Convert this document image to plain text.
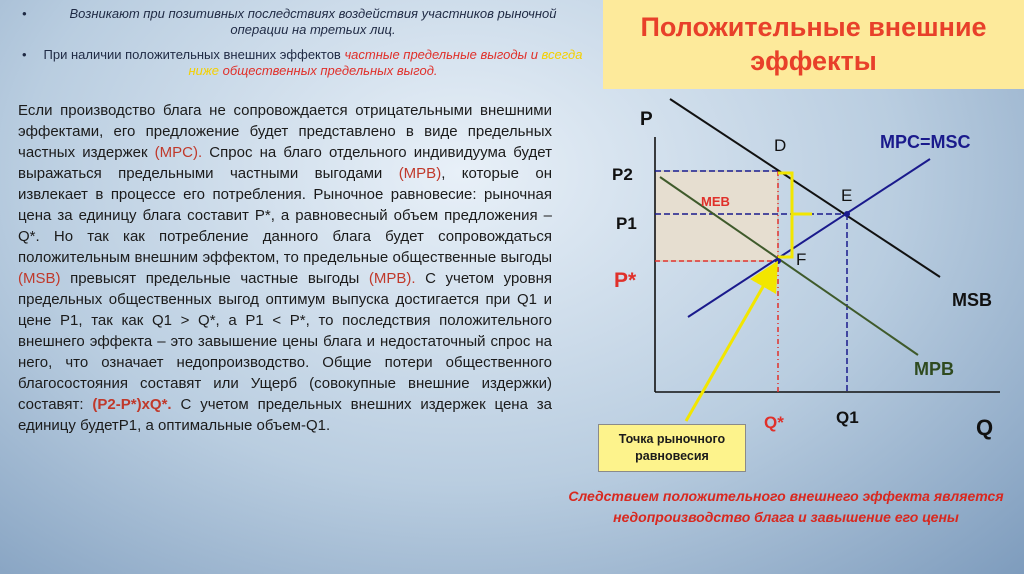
•	Возникают при позитивных последствиях воздействия участников рыночной операции на третьих лиц.
• При наличии положительных внешних эффектов частные предельные выгоды и всегда ниже общественных предельных выгод.
Если производство блага не сопровождается отрицательными внешними эффектами, его предложение будет представлено в виде предельных частных издержек (MPC). Спрос на благо отдельного индивидуума будет выражаться предельными частными выгодами (MPB), которые он извлекает в процессе его потребления. Рыночное равновесие: рыночная цена за единицу блага составит P*, а равновесный объем предложения – Q*. Но так как потребление данного блага будет сопровождаться положительным внешним эффектом, то предельные общественные выгоды (MSB) превысят предельные частные выгоды (MPB). С учетом уровня предельных общественных выгод оптимум выпуска достигается при Q1 и цене P1, так как Q1 > Q*, а P1 < P*, то последствия положительного внешнего эффекта – это завышение цены блага и недостаточный спрос на него, что означает недопроизводство. Общие потери общественного благосостояния составят или Ущерб (совокупные внешние издержки) составят: (P2-P*)xQ*. С учетом предельных внешних издержек цена за единицу будетP1, а оптимальные объем-Q1.
Положительные внешние эффекты
P
Q
P2
P1
P*
Q1
Q*
D
E
F
MEB
MPC=MSC
MSB
MPB
Точка рыночного равновесия
Следствием положительного внешнего эффекта является недопроизводство блага и завышение его цены
